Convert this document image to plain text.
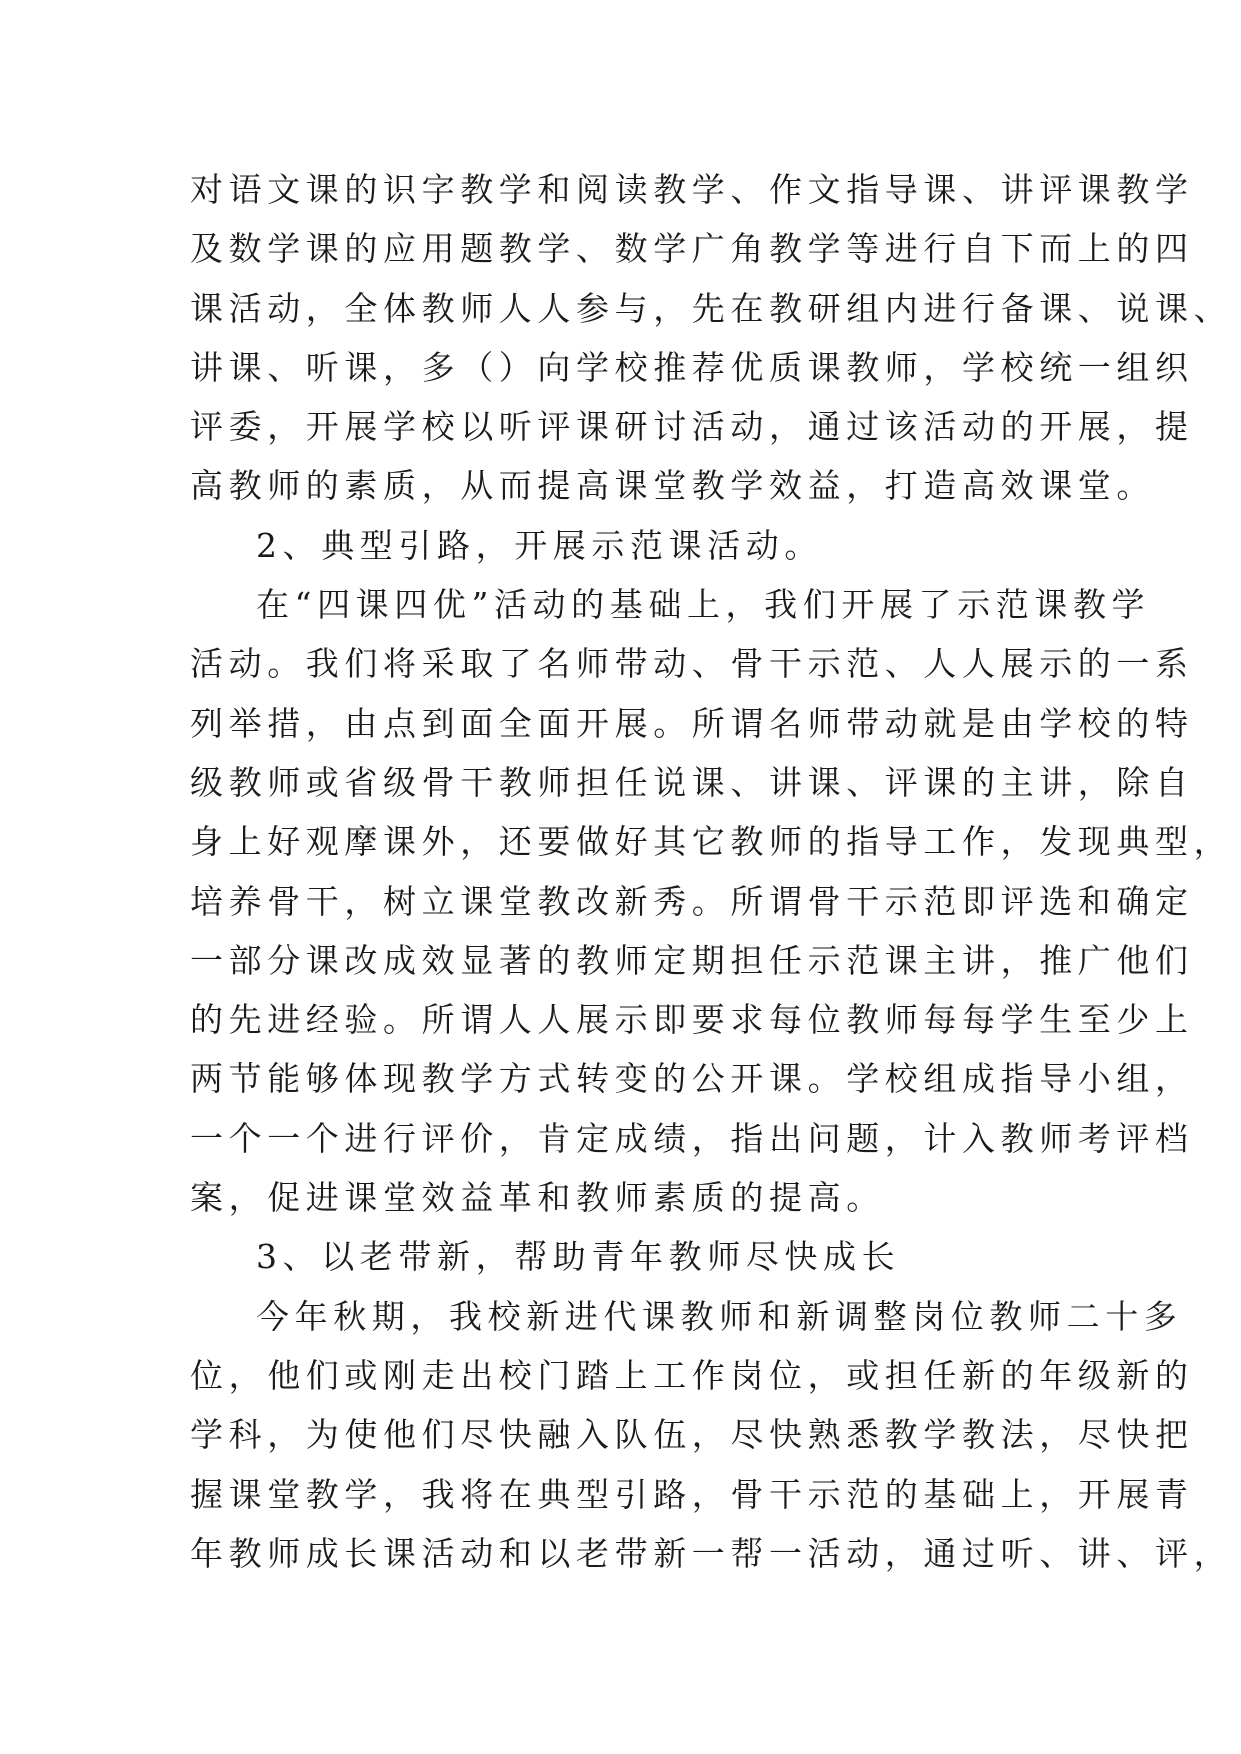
对语文课的识字教学和阅读教学、作文指导课、讲评课教学
及数学课的应用题教学、数学广角教学等进行自下而上的四
课活动，全体教师人人参与，先在教研组内进行备课、说课、
讲课、听课，多（）向学校推荐优质课教师，学校统一组织
评委，开展学校以听评课研讨活动，通过该活动的开展，提
高教师的素质，从而提高课堂教学效益，打造高效课堂。
2、典型引路，开展示范课活动。
在“四课四优”活动的基础上，我们开展了示范课教学
活动。我们将采取了名师带动、骨干示范、人人展示的一系
列举措，由点到面全面开展。所谓名师带动就是由学校的特
级教师或省级骨干教师担任说课、讲课、评课的主讲，除自
身上好观摩课外，还要做好其它教师的指导工作，发现典型，
培养骨干，树立课堂教改新秀。所谓骨干示范即评选和确定
一部分课改成效显著的教师定期担任示范课主讲，推广他们
的先进经验。所谓人人展示即要求每位教师每每学生至少上
两节能够体现教学方式转变的公开课。学校组成指导小组，
一个一个进行评价，肯定成绩，指出问题，计入教师考评档
案，促进课堂效益革和教师素质的提高。
3、以老带新，帮助青年教师尽快成长
今年秋期，我校新进代课教师和新调整岗位教师二十多
位，他们或刚走出校门踏上工作岗位，或担任新的年级新的
学科，为使他们尽快融入队伍，尽快熟悉教学教法，尽快把
握课堂教学，我将在典型引路，骨干示范的基础上，开展青
年教师成长课活动和以老带新一帮一活动，通过听、讲、评，
